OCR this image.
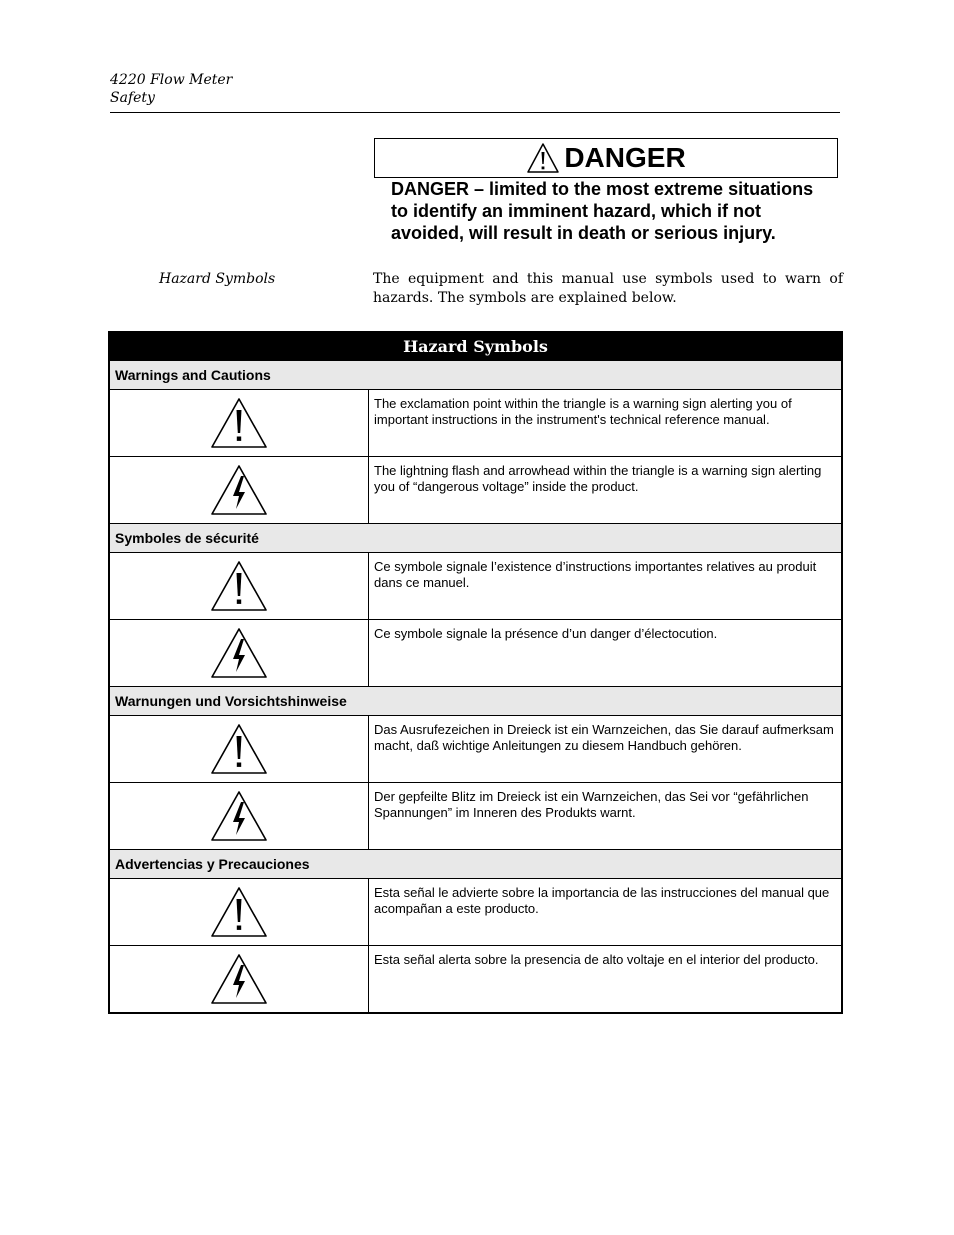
4220 Flow Meter
Safety
DANGER
DANGER – limited to the most extreme situations to identify an imminent hazard, which if not avoided, will result in death or serious injury.
Hazard Symbols	The equipment and this manual use symbols used to warn of hazards. The symbols are explained below.
Hazard Symbols	
Warnings and Cautions	

	The exclamation point within the triangle is a warning sign alerting you of important instructions in the instrument's technical reference manual.

	The lightning flash and arrowhead within the triangle is a warning sign alerting you of “dangerous voltage” inside the product.
Symboles de sécurité	

	Ce symbole signale l’existence d’instructions importantes relatives au produit dans ce manuel.

	Ce symbole signale la présence d’un danger d’électocution.
Warnungen und Vorsichtshinweise	

	Das Ausrufezeichen in Dreieck ist ein Warnzeichen, das Sie darauf aufmerksam macht, daß wichtige Anleitungen zu diesem Handbuch gehören.

	Der gepfeilte Blitz im Dreieck ist ein Warnzeichen, das Sei vor “gefährlichen Spannungen” im Inneren des Produkts warnt.
Advertencias y Precauciones	

	Esta señal le advierte sobre la importancia de las instrucciones del manual que acompañan a este producto.

	Esta señal alerta sobre la presencia de alto voltaje en el interior del producto.
